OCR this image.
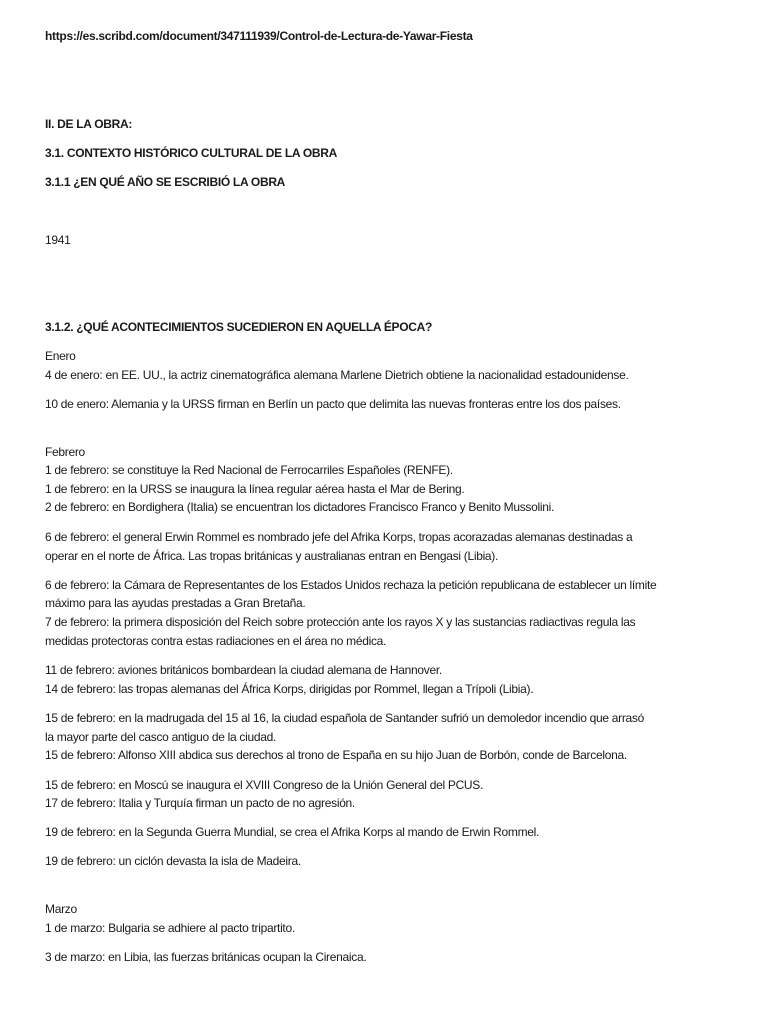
https://es.scribd.com/document/347111939/Control-de-Lectura-de-Yawar-Fiesta
II. DE LA OBRA:
3.1. CONTEXTO HISTÓRICO CULTURAL DE LA OBRA
3.1.1 ¿EN QUÉ AÑO SE ESCRIBIÓ LA OBRA
1941
3.1.2. ¿QUÉ ACONTECIMIENTOS SUCEDIERON EN AQUELLA ÉPOCA?
Enero
4 de enero: en EE. UU., la actriz cinematográfica alemana Marlene Dietrich obtiene la nacionalidad estadounidense.
10 de enero: Alemania y la URSS firman en Berlín un pacto que delimita las nuevas fronteras entre los dos países.
Febrero
1 de febrero: se constituye la Red Nacional de Ferrocarriles Españoles (RENFE).
1 de febrero: en la URSS se inaugura la línea regular aérea hasta el Mar de Bering.
2 de febrero: en Bordighera (Italia) se encuentran los dictadores Francisco Franco y Benito Mussolini.
6 de febrero: el general Erwin Rommel es nombrado jefe del Afrika Korps, tropas acorazadas alemanas destinadas a
operar en el norte de África. Las tropas británicas y australianas entran en Bengasi (Libia).
6 de febrero: la Cámara de Representantes de los Estados Unidos rechaza la petición republicana de establecer un límite
máximo para las ayudas prestadas a Gran Bretaña.
7 de febrero: la primera disposición del Reich sobre protección ante los rayos X y las sustancias radiactivas regula las
medidas protectoras contra estas radiaciones en el área no médica.
11 de febrero: aviones británicos bombardean la ciudad alemana de Hannover.
14 de febrero: las tropas alemanas del África Korps, dirigidas por Rommel, llegan a Trípoli (Libia).
15 de febrero: en la madrugada del 15 al 16, la ciudad española de Santander sufrió un demoledor incendio que arrasó
la mayor parte del casco antiguo de la ciudad.
15 de febrero: Alfonso XIII abdica sus derechos al trono de España en su hijo Juan de Borbón, conde de Barcelona.
15 de febrero: en Moscú se inaugura el XVIII Congreso de la Unión General del PCUS.
17 de febrero: Italia y Turquía firman un pacto de no agresión.
19 de febrero: en la Segunda Guerra Mundial, se crea el Afrika Korps al mando de Erwin Rommel.
19 de febrero: un ciclón devasta la isla de Madeira.
Marzo
1 de marzo: Bulgaria se adhiere al pacto tripartito.
3 de marzo: en Libia, las fuerzas británicas ocupan la Cirenaica.
